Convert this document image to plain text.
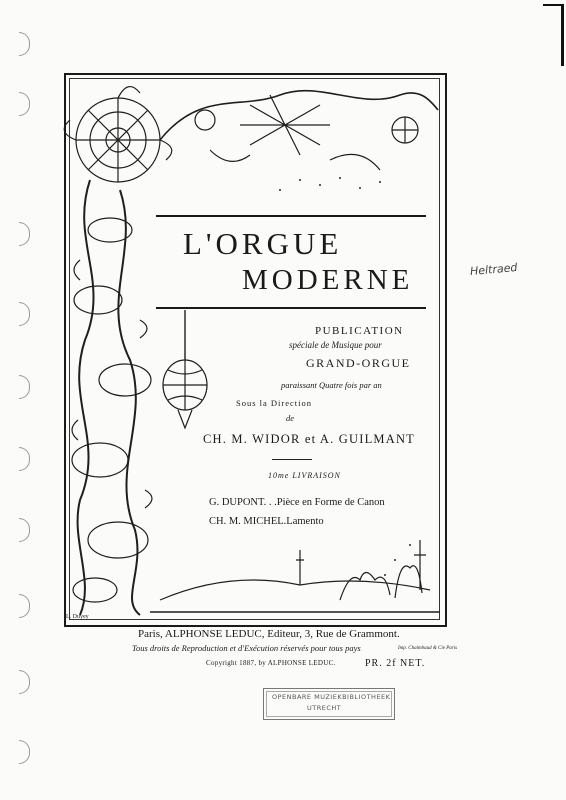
L'ORGUE
MODERNE
PUBLICATION
spéciale de Musique pour
GRAND-ORGUE
paraissant Quatre fois par an
Sous la Direction
de
CH. M. WIDOR et A. GUILMANT
10me LIVRAISON
G. DUPONT. . .Pièce en Forme de Canon
CH. M. MICHEL.Lamento
L. Duyey
Paris, ALPHONSE LEDUC, Editeur, 3, Rue de Grammont.
Tous droits de Reproduction et d'Exécution réservés pour tous pays	Imp. Chaimbaud & Cie Paris
Copyright 1887, by ALPHONSE LEDUC.	PR. 2f NET.
Heltraed
OPENBARE MUZIEKBIBLIOTHEEK
UTRECHT
